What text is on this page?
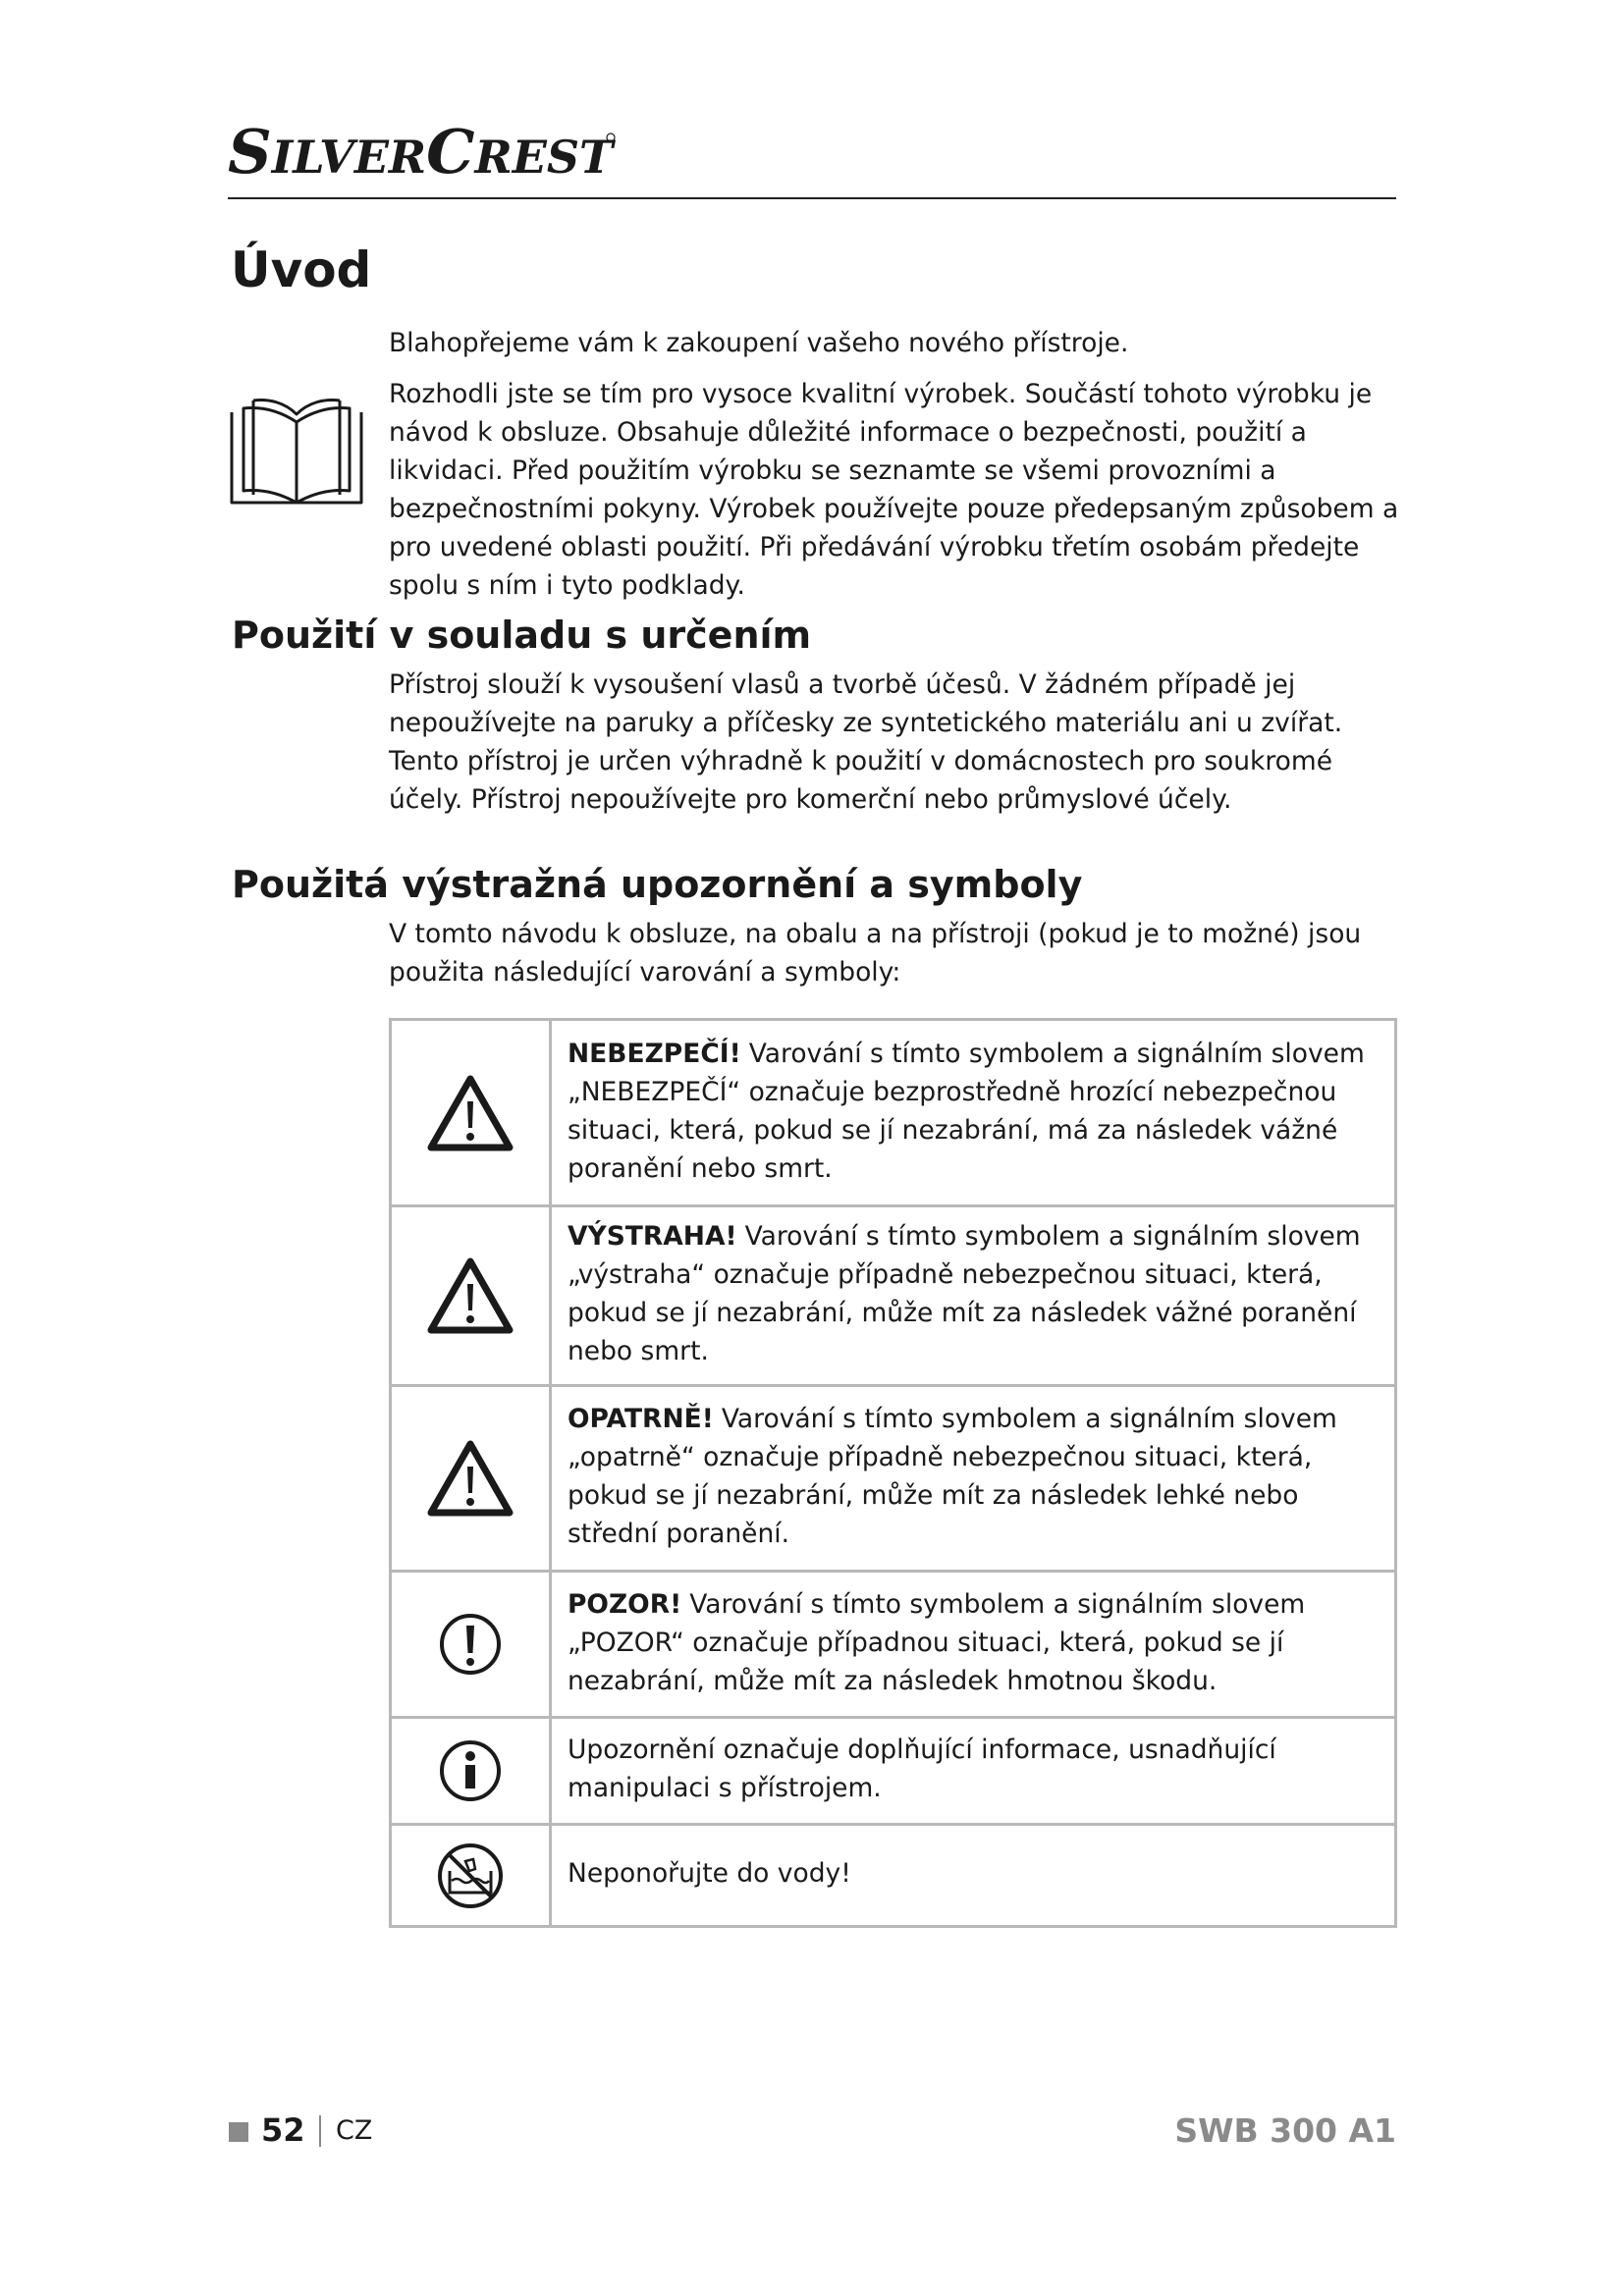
SILVERCREST
Úvod

Blahopřejeme vám k zakoupení vašeho nového přístroje.

Rozhodli jste se tím pro vysoce kvalitní výrobek. Součástí tohoto výrobku je návod k obsluze. Obsahuje důležité informace o bezpečnosti, použití a likvidaci. Před použitím výrobku se seznamte se všemi provozními a bezpečnostními pokyny. Výrobek používejte pouze předepsaným způsobem a pro uvedené oblasti použití. Při předávání výrobku třetím osobám předejte spolu s ním i tyto podklady.

Použití v souladu s určením

Přístroj slouží k vysoušení vlasů a tvorbě účesů. V žádném případě jej nepoužívejte na paruky a příčesky ze syntetického materiálu ani u zvířat. Tento přístroj je určen výhradně k použití v domácnostech pro soukromé účely. Přístroj nepoužívejte pro komerční nebo průmyslové účely.

Použitá výstražná upozornění a symboly

V tomto návodu k obsluze, na obalu a na přístroji (pokud je to možné) jsou použita následující varování a symboly:

	NEBEZPEČÍ! Varování s tímto symbolem a signálním slovem „NEBEZPEČÍ“ označuje bezprostředně hrozící nebezpečnou situaci, která, pokud se jí nezabrání, má za následek vážné poranění nebo smrt.

	VÝSTRAHA! Varování s tímto symbolem a signálním slovem „výstraha“ označuje případně nebezpečnou situaci, která, pokud se jí nezabrání, může mít za následek vážné poranění nebo smrt.

	OPATRNĚ! Varování s tímto symbolem a signálním slovem „opatrně“ označuje případně nebezpečnou situaci, která, pokud se jí nezabrání, může mít za následek lehké nebo střední poranění.

	POZOR! Varování s tímto symbolem a signálním slovem „POZOR“ označuje případnou situaci, která, pokud se jí nezabrání, může mít za následek hmotnou škodu.

	Upozornění označuje doplňující informace, usnadňující manipulaci s přístrojem.

	Neponořujte do vody!
52 CZ	SWB 300 A1
